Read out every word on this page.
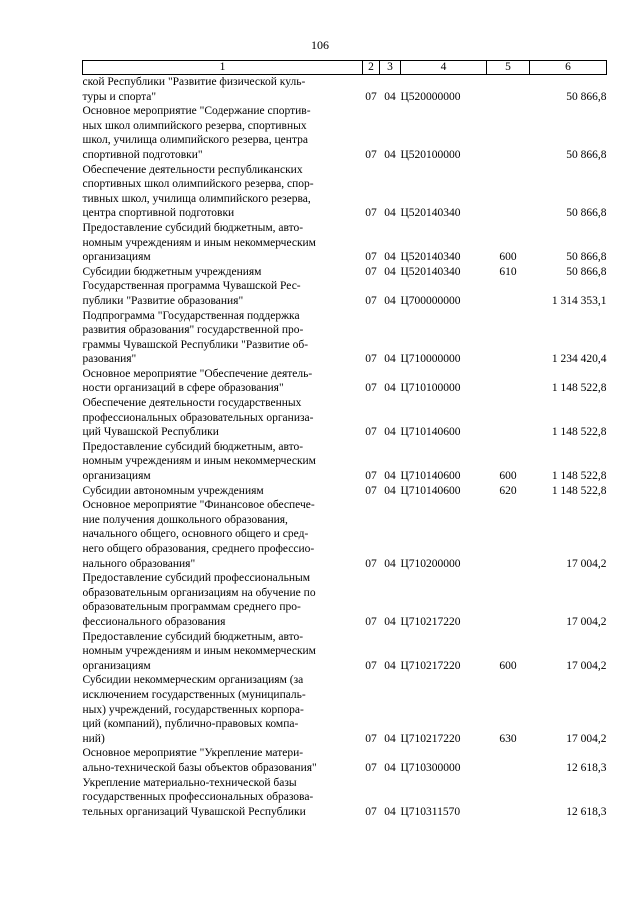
106
1	2	3	4	5	6

ской Республики "Развитие физической куль-
туры и спорта"	07	04	Ц520000000		50 866,8

Основное мероприятие "Содержание спортив-
ных школ олимпийского резерва, спортивных
школ, училища олимпийского резерва, центра
спортивной подготовки"	07	04	Ц520100000		50 866,8

Обеспечение деятельности республиканских
спортивных школ олимпийского резерва, спор-
тивных школ, училища олимпийского резерва,
центра спортивной подготовки	07	04	Ц520140340		50 866,8

Предоставление субсидий бюджетным, авто-
номным учреждениям и иным некоммерческим
организациям	07	04	Ц520140340	600	50 866,8

Субсидии бюджетным учреждениям	07	04	Ц520140340	610	50 866,8

Государственная программа Чувашской Рес-
публики "Развитие образования"	07	04	Ц700000000		1 314 353,1

Подпрограмма "Государственная поддержка
развития образования" государственной про-
граммы Чувашской Республики "Развитие об-
разования"	07	04	Ц710000000		1 234 420,4

Основное мероприятие "Обеспечение деятель-
ности организаций в сфере образования"	07	04	Ц710100000		1 148 522,8

Обеспечение деятельности государственных
профессиональных образовательных организа-
ций Чувашской Республики	07	04	Ц710140600		1 148 522,8

Предоставление субсидий бюджетным, авто-
номным учреждениям и иным некоммерческим
организациям	07	04	Ц710140600	600	1 148 522,8

Субсидии автономным учреждениям	07	04	Ц710140600	620	1 148 522,8

Основное мероприятие "Финансовое обеспече-
ние получения дошкольного образования,
начального общего, основного общего и сред-
него общего образования, среднего профессио-
нального образования"	07	04	Ц710200000		17 004,2

Предоставление субсидий профессиональным
образовательным организациям на обучение по
образовательным программам среднего про-
фессионального образования	07	04	Ц710217220		17 004,2

Предоставление субсидий бюджетным, авто-
номным учреждениям и иным некоммерческим
организациям	07	04	Ц710217220	600	17 004,2

Субсидии некоммерческим организациям (за
исключением государственных (муниципаль-
ных) учреждений, государственных корпора-
ций (компаний), публично-правовых компа-
ний)	07	04	Ц710217220	630	17 004,2

Основное мероприятие "Укрепление матери-
ально-технической базы объектов образования"	07	04	Ц710300000		12 618,3

Укрепление материально-технической базы
государственных профессиональных образова-
тельных организаций Чувашской Республики	07	04	Ц710311570		12 618,3
